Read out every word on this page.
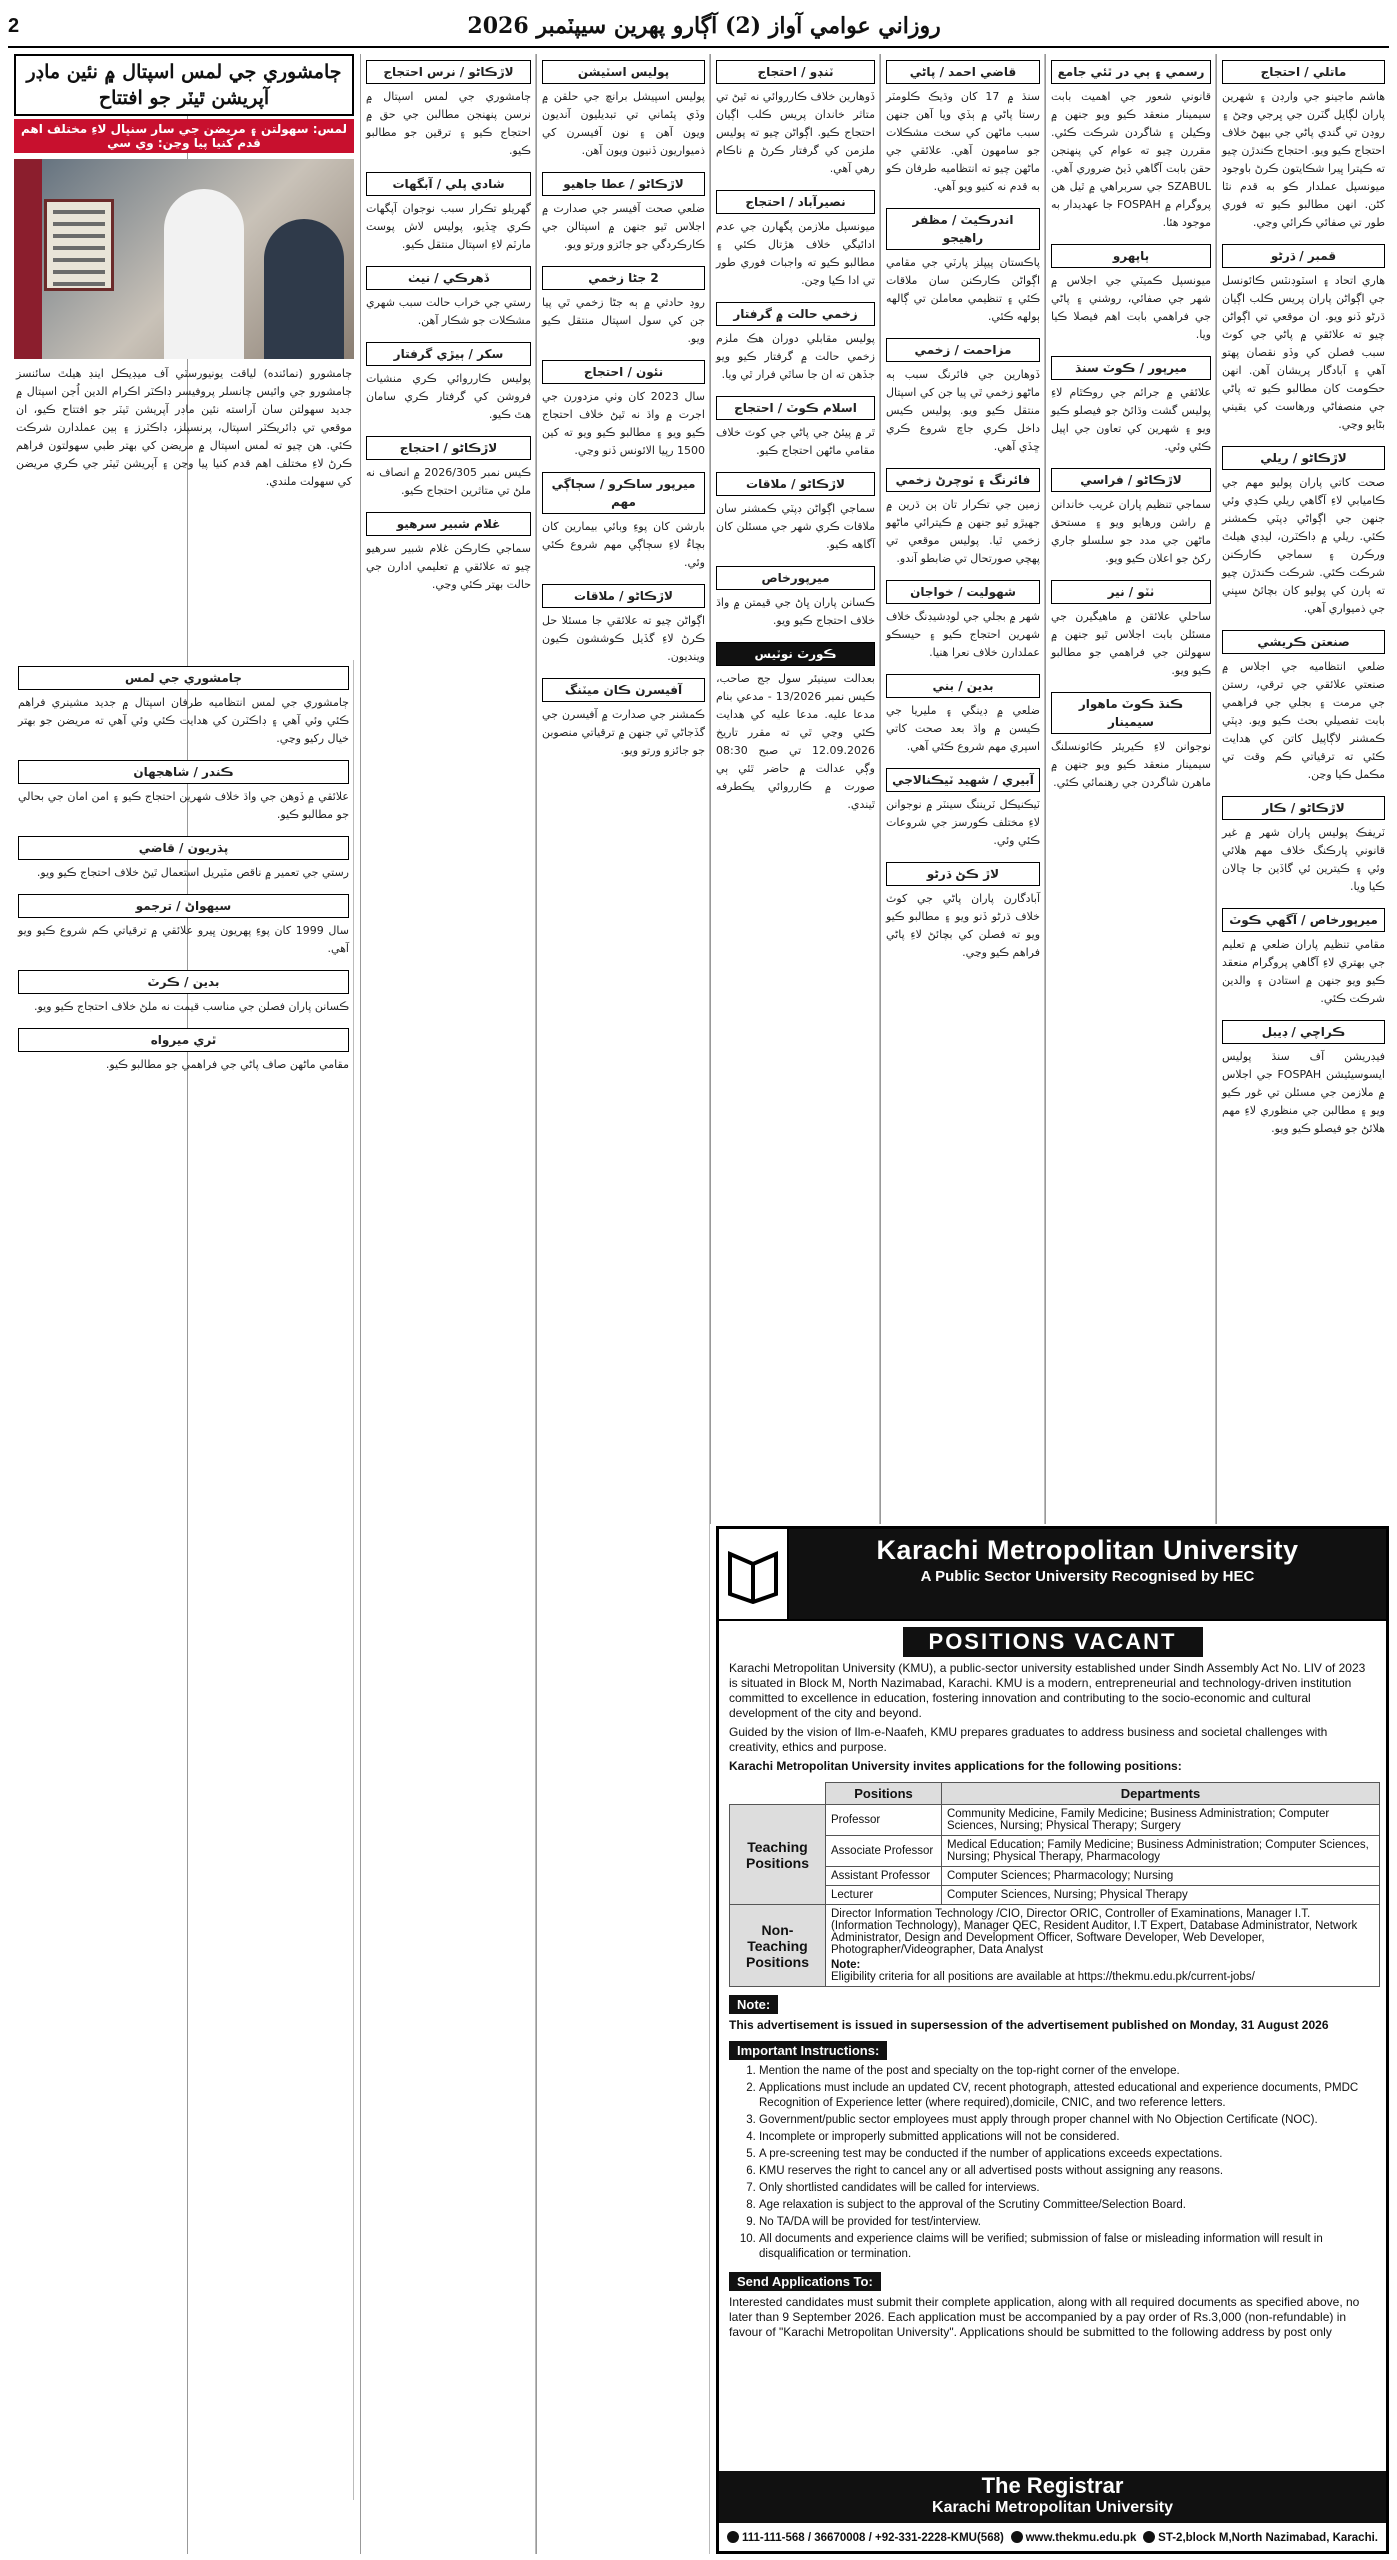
2	روزاني عوامي آواز (2) آڳارو پھرين سيپٽمبر 2026
ڄامشوري جي لمس اسپتال ۾ نئين ماڊر آپريشن ٿيٽر جو افتتاح
لمس: سهولتن ۽ مريضن جي سار سنڀال لاءِ مختلف اهم قدم کنيا پيا وڃن: وي سي
ڄامشورو (نمائنده) لياقت يونيورسٽي آف ميڊيڪل اينڊ هيلٿ سائنسز ڄامشورو جي وائيس چانسلر پروفيسر ڊاڪٽر اڪرام الدين اُجن اسپتال ۾ جديد سهولتن سان آراسته نئين ماڊر آپريشن ٿيٽر جو افتتاح ڪيو، ان موقعي تي ڊائريڪٽر اسپتال، پرنسپلز، ڊاڪٽرز ۽ ٻين عملدارن شرڪت ڪئي. هن چيو ته لمس اسپتال ۾ مريضن کي بهتر طبي سهولتون فراهم ڪرڻ لاءِ مختلف اهم قدم کنيا پيا وڃن ۽ آپريشن ٿيٽر جي ڪري مريضن کي سهولت ملندي.
ماتلي / احتجاج
ھاشم ماجينو جي وارڊن ۽ شهرين پاران لڳايل گٽرن جي ڀرجي وڃڻ ۽ روڊن تي گندي پاڻي جي بيهڻ خلاف احتجاج ڪيو ويو. احتجاج ڪندڙن چيو ته ڪيترا ڀيرا شڪايتون ڪرڻ باوجود ميونسپل عملدار ڪو به قدم نٿا کڻن. انهن مطالبو ڪيو ته فوري طور تي صفائي ڪرائي وڃي.
قمبر / ڌرڻو
ھاري اتحاد ۽ اسٽوڊنٽس ڪائونسل جي اڳواڻن پاران پريس ڪلب اڳيان ڌرڻو ڏنو ويو. ان موقعي تي اڳواڻن چيو ته علائقي ۾ پاڻي جي کوٽ سبب فصلن کي وڏو نقصان پهتو آهي ۽ آبادگار پريشان آهن. انهن حڪومت کان مطالبو ڪيو ته پاڻي جي منصفاڻي ورهاست کي يقيني بڻايو وڃي.
لاڙڪاڻو / ريلي
صحت کاتي پاران پوليو مهم جي ڪاميابي لاءِ آگاهي ريلي ڪڍي وئي جنهن جي اڳواڻي ڊپٽي ڪمشنر ڪئي. ريلي ۾ ڊاڪٽرن، ليڊي هيلٿ ورڪرن ۽ سماجي ڪارڪنن شرڪت ڪئي. شرڪت ڪندڙن چيو ته ٻارن کي پوليو کان بچائڻ سڀني جي ذميواري آهي.
صنعتن ڪريشي
ضلعي انتظاميه جي اجلاس ۾ صنعتي علائقي جي ترقي، رستن جي مرمت ۽ بجلي جي فراهمي بابت تفصيلي بحث ڪيو ويو. ڊپٽي ڪمشنر لاڳاپيل کاتن کي هدايت ڪئي ته ترقياتي ڪم وقت تي مڪمل ڪيا وڃن.
لاڙڪاڻو / ڪار
ٽريفڪ پوليس پاران شهر ۾ غير قانوني پارڪنگ خلاف مهم هلائي وئي ۽ ڪيترين ئي گاڏين جا چالان ڪيا ويا.
ميرپورخاص / آگهي ڪوٽ
مقامي تنظيم پاران ضلعي ۾ تعليم جي بهتري لاءِ آگاهي پروگرام منعقد ڪيو ويو جنهن ۾ استادن ۽ والدين شرڪت ڪئي.
ڪراچي / ڊيبل
فيڊريشن آف سنڌ پوليس ايسوسيئيشن FOSPAH جي اجلاس ۾ ملازمن جي مسئلن تي غور ڪيو ويو ۽ مطالبن جي منظوري لاءِ مهم هلائڻ جو فيصلو ڪيو ويو.
رسمي ۽ ٻي در ٿئي جامع
قانوني شعور جي اهميت بابت سيمينار منعقد ڪيو ويو جنهن ۾ وڪيلن ۽ شاگردن شرڪت ڪئي. مقررن چيو ته عوام کي پنهنجن حقن بابت آگاهي ڏيڻ ضروري آهي. SZABUL جي سربراهي ۾ ٿيل هن پروگرام ۾ FOSPAH جا عهديدار به موجود هئا.
ٻاپهرو
ميونسپل ڪميٽي جي اجلاس ۾ شهر جي صفائي، روشني ۽ پاڻي جي فراهمي بابت اهم فيصلا ڪيا ويا.
ميرپور / ڪوٽ سنڌ
علائقي ۾ جرائم جي روڪٿام لاءِ پوليس گشت وڌائڻ جو فيصلو ڪيو ويو ۽ شهرين کي تعاون جي اپيل ڪئي وئي.
لاڙڪاڻو / فراسي
سماجي تنظيم پاران غريب خاندانن ۾ راشن ورهايو ويو ۽ مستحق ماڻهن جي مدد جو سلسلو جاري رکڻ جو اعلان ڪيو ويو.
ٺٽو / نير
ساحلي علائقن ۾ ماهيگيرن جي مسئلن بابت اجلاس ٿيو جنهن ۾ سهولتن جي فراهمي جو مطالبو ڪيو ويو.
ڪنڌ ڪوٽ ماهوار سيمينار
نوجوانن لاءِ ڪيريئر ڪائونسلنگ سيمينار منعقد ڪيو ويو جنهن ۾ ماهرن شاگردن جي رهنمائي ڪئي.
قاضي احمد / پاڻي
سنڌ ۾ 17 کان وڌيڪ ڪلومٽر رستا پاڻي ۾ ٻڏي ويا آهن جنهن سبب ماڻهن کي سخت مشڪلات جو سامهون آهي. علائقي جي ماڻهن چيو ته انتظاميه طرفان ڪو به قدم نه کنيو ويو آهي.
اندرڪيٽ / مظفر راهيجو
پاڪستان پيپلز پارٽي جي مقامي اڳواڻن ڪارڪنن سان ملاقات ڪئي ۽ تنظيمي معاملن تي ڳالهه ٻولهه ڪئي.
مزاحمت / زخمي
ڏوهارين جي فائرنگ سبب ٻه ماڻهو زخمي ٿي پيا جن کي اسپتال منتقل ڪيو ويو. پوليس ڪيس داخل ڪري جاچ شروع ڪري ڇڏي آهي.
فائرنگ ۽ ٽوچرڻ زخمي
زمين جي تڪرار تان ٻن ڌرين ۾ جهيڙو ٿيو جنهن ۾ ڪيترائي ماڻهو زخمي ٿيا. پوليس موقعي تي پهچي صورتحال تي ضابطو آندو.
شهوليت / خواجان
شهر ۾ بجلي جي لوڊشيڊنگ خلاف شهرين احتجاج ڪيو ۽ حيسڪو عملدارن خلاف نعرا هنيا.
بدين / بني
ضلعي ۾ ڊينگي ۽ مليريا جي ڪيسن ۾ واڌ بعد صحت کاتي اسپري مهم شروع ڪئي آهي.
آبيري / شهيد ٽيڪنالاجي
ٽيڪنيڪل ٽريننگ سينٽر ۾ نوجوانن لاءِ مختلف ڪورسز جي شروعات ڪئي وئي.
لاڙ ڪڻ ڌرڻو
آبادگارن پاران پاڻي جي کوٽ خلاف ڌرڻو ڏنو ويو ۽ مطالبو ڪيو ويو ته فصلن کي بچائڻ لاءِ پاڻي فراهم ڪيو وڃي.
ٽنڊو / احتجاج
ڏوهارين خلاف ڪارروائي نه ٿيڻ تي متاثر خاندان پريس ڪلب اڳيان احتجاج ڪيو. اڳواڻن چيو ته پوليس ملزمن کي گرفتار ڪرڻ ۾ ناڪام رهي آهي.
نصيرآباد / احتجاج
ميونسپل ملازمن پگهارن جي عدم ادائيگي خلاف هڙتال ڪئي ۽ مطالبو ڪيو ته واجبات فوري طور تي ادا ڪيا وڃن.
زخمي حالت ۾ گرفتار
پوليس مقابلي دوران هڪ ملزم زخمي حالت ۾ گرفتار ڪيو ويو جڏهن ته ان جا ساٿي فرار ٿي ويا.
اسلام ڪوٽ / احتجاج
ٿر ۾ پيئڻ جي پاڻي جي کوٽ خلاف مقامي ماڻهن احتجاج ڪيو.
لاڙڪاڻو / ملاقات
سماجي اڳواڻن ڊپٽي ڪمشنر سان ملاقات ڪري شهر جي مسئلن کان آگاهه ڪيو.
ميرپورخاص
ڪسانن پاران ڀاڻ جي قيمتن ۾ واڌ خلاف احتجاج ڪيو ويو.
ڪورٽ نوٽيس
بعدالت سينيئر سول جج صاحب، ڪيس نمبر 13/2026 - مدعي بنام مدعا عليه. مدعا عليه کي هدايت ڪئي وڃي ٿي ته مقرر تاريخ 12.09.2026 تي صبح 08:30 وڳي عدالت ۾ حاضر ٿئي ٻي صورت ۾ ڪارروائي يڪطرفه ٿيندي.
پوليس اسٽيشن
پوليس اسپيشل برانچ جي حلقن ۾ وڏي پئماني تي تبديليون آنديون ويون آهن ۽ نون آفيسرن کي ذميواريون ڏنيون ويون آهن.
لاڙڪاڻو / عطا جاهيو
ضلعي صحت آفيسر جي صدارت ۾ اجلاس ٿيو جنهن ۾ اسپتالن جي ڪارڪردگي جو جائزو ورتو ويو.
2 جڻا زخمي
روڊ حادثي ۾ ٻه جڻا زخمي ٿي پيا جن کي سول اسپتال منتقل ڪيو ويو.
نئون / احتجاج
سال 2023 کان وٺي مزدورن جي اجرت ۾ واڌ نه ٿيڻ خلاف احتجاج ڪيو ويو ۽ مطالبو ڪيو ويو ته کين 1500 رپيا الائونس ڏنو وڃي.
ميرپور ساڪرو / سڄاڳي مهم
بارشن کان پوءِ وبائي بيمارين کان بچاءُ لاءِ سڄاڳي مهم شروع ڪئي وئي.
لاڙڪاڻو / ملاقات
اڳواڻن چيو ته علائقي جا مسئلا حل ڪرڻ لاءِ گڏيل ڪوششون ڪيون وينديون.
آفيسرن ڪان ميٽنگ
ڪمشنر جي صدارت ۾ آفيسرن جي گڏجاڻي ٿي جنهن ۾ ترقياتي منصوبن جو جائزو ورتو ويو.
لاڙڪاڻو / نرس احتجاج
ڄامشوري جي لمس اسپتال ۾ نرسن پنهنجن مطالبن جي حق ۾ احتجاج ڪيو ۽ ترقين جو مطالبو ڪيو.
شادي پلي / آبگهات
گهريلو تڪرار سبب نوجوان آپگهات ڪري ڇڏيو، پوليس لاش پوسٽ مارٽم لاءِ اسپتال منتقل ڪيو.
ڏهرڪي / نيٺ
رستي جي خراب حالت سبب شهري مشڪلات جو شڪار آهن.
سکر / ٻيڙي گرفتار
پوليس ڪارروائي ڪري منشيات فروشن کي گرفتار ڪري سامان هٿ ڪيو.
لاڙڪاڻو / احتجاج
ڪيس نمبر 2026/305 ۾ انصاف نه ملڻ تي متاثرين احتجاج ڪيو.
غلام شبير سرھيو
سماجي ڪارڪن غلام شبير سرهيو چيو ته علائقي ۾ تعليمي ادارن جي حالت بهتر ڪئي وڃي.
ڄامشوري جي لمس
ڄامشوري جي لمس انتظاميه طرفان اسپتال ۾ جديد مشينري فراهم ڪئي وئي آهي ۽ ڊاڪٽرن کي هدايت ڪئي وئي آهي ته مريضن جو بهتر خيال رکيو وڃي.
ڪندر / شاهجهان
علائقي ۾ ڏوهن جي واڌ خلاف شهرين احتجاج ڪيو ۽ امن امان جي بحالي جو مطالبو ڪيو.
پڌريون / قاضي
رستي جي تعمير ۾ ناقص مٽيريل استعمال ٿيڻ خلاف احتجاج ڪيو ويو.
سيهواڻ / ترجمو
سال 1999 کان پوءِ پهريون ڀيرو علائقي ۾ ترقياتي ڪم شروع ڪيو ويو آهي.
بدين / ڪرٽ
ڪسانن پاران فصلن جي مناسب قيمت نه ملڻ خلاف احتجاج ڪيو ويو.
ٿري ميرواه
مقامي ماڻهن صاف پاڻي جي فراهمي جو مطالبو ڪيو.
Karachi Metropolitan University
A Public Sector University Recognised by HEC
POSITIONS VACANT

Karachi Metropolitan University (KMU), a public-sector university established under Sindh Assembly Act No. LIV of 2023 is situated in Block M, North Nazimabad, Karachi. KMU is a modern, entrepreneurial and technology-driven institution committed to excellence in education, fostering innovation and contributing to the socio-economic and cultural development of the city and beyond.

Guided by the vision of Ilm-e-Naafeh, KMU prepares graduates to address business and societal challenges with creativity, ethics and purpose.

Karachi Metropolitan University invites applications for the following positions:

	Positions	Departments
Teaching Positions	Professor	Community Medicine, Family Medicine; Business Administration; Computer Sciences, Nursing; Physical Therapy; Surgery
	Associate Professor	Medical Education; Family Medicine; Business Administration; Computer Sciences, Nursing; Physical Therapy, Pharmacology
	Assistant Professor	Computer Sciences; Pharmacology; Nursing
	Lecturer	Computer Sciences, Nursing; Physical Therapy
Non-Teaching Positions	Director Information Technology /CIO, Director ORIC, Controller of Examinations, Manager I.T. (Information Technology), Manager QEC, Resident Auditor, I.T Expert, Database Administrator, Network Administrator, Design and Development Officer, Software Developer, Web Developer, Photographer/Videographer, Data Analyst
Note:
Eligibility criteria for all positions are available at https://thekmu.edu.pk/current-jobs/	
Note:

This advertisement is issued in supersession of the advertisement published on Monday, 31 August 2026

Important Instructions:
1. Mention the name of the post and specialty on the top-right corner of the envelope.
2. Applications must include an updated CV, recent photograph, attested educational and experience documents, PMDC Recognition of Experience letter (where required),domicile, CNIC, and two reference letters.
3. Government/public sector employees must apply through proper channel with No Objection Certificate (NOC).
4. Incomplete or improperly submitted applications will not be considered.
5. A pre-screening test may be conducted if the number of applications exceeds expectations.
6. KMU reserves the right to cancel any or all advertised posts without assigning any reasons.
7. Only shortlisted candidates will be called for interviews.
8. Age relaxation is subject to the approval of the Scrutiny Committee/Selection Board.
9. No TA/DA will be provided for test/interview.
10. All documents and experience claims will be verified; submission of false or misleading information will result in disqualification or termination.
Send Applications To:

Interested candidates must submit their complete application, along with all required documents as specified above, no later than 9 September 2026. Each application must be accompanied by a pay order of Rs.3,000 (non-refundable) in favour of "Karachi Metropolitan University". Applications should be submitted to the following address by post only

The Registrar
Karachi Metropolitan University
111-111-568 / 36670008 / +92-331-2228-KMU(568)	www.thekmu.edu.pk	ST-2,block M,North Nazimabad, Karachi.
